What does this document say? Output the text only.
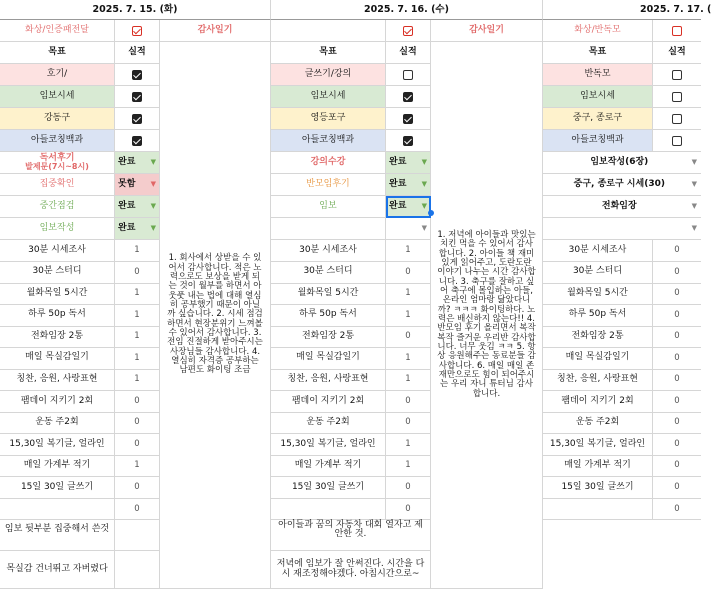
2025. 7. 15. (화)
화상/인증패전달	감사일기
목표	실적
호기/
임보시세
강동구
아들코칭백과
독서후기
발제문(7시~8시)	완료 ▼
집중확인	못함 ▼
중간점검	완료 ▼
임보작성	완료 ▼
30분 시세조사	1
30분 스터디	0
월화목일 5시간	1
하루 50p 독서	1
전화임장 2통	1
매일 목실감일기	1
칭찬, 응원, 사랑표현	1
팸데이 지키기 2회	0
운동 주2회	0
15,30일 복기글, 얼라인	0
매일 가계부 적기	1
15일 30일 글쓰기	0
0
임보 뒷부분 집중해서 쓴것
목실감 건너뛰고 자버렸다
1. 회사에서 상받을 수 있어서 감사합니다. 적은 노력으로도 보상을 받게 되는 것이 월부를 하면서 아웃풋 내는 법에 대해 열심히 공부했기 때문이 아닐까 싶습니다. 2. 시세 점검하면서 현장분위기 느껴볼수 있어서 감사합니다. 3. 전임 진절하게 받아주시는 사장님들 감사합니다. 4. 열심히 자격증 공부하는 남편도 화이팅 조금
2025. 7. 16. (수)
감사일기
목표	실적
글쓰기/강의
임보시세
영등포구
아들코칭백과
강의수강	완료 ▼
반모임후기	완료 ▼
임보	완료 ▼
▼
30분 시세조사	1
30분 스터디	0
월화목일 5시간	1
하루 50p 독서	1
전화임장 2통	0
매일 목실감일기	1
칭찬, 응원, 사랑표현	1
팸데이 지키기 2회	0
운동 주2회	0
15,30일 복기글, 얼라인	1
매일 가계부 적기	1
15일 30일 글쓰기	0
0
아이들과 꿈의 자동차 대회 열자고 제안한 것.
저녁에 임보가 잘 안써진다. 시간을 다시 재조정해야겠다. 아침시간으로~
1. 저녁에 아이들과 맛있는 치킨 먹을 수 있어서 감사합니다. 2. 아이들 책 재미있게 읽어주고, 도란도란 이야기 나누는 시간 감사합니다. 3. 축구를 잘하고 싶어 축구에 몰입하는 아들, 온라인 엄마랑 닮았다니까? ㅋㅋㅋ 화이팅하다. 노력은 배신하지 않는다!! 4. 반모임 후기 올리면서 복작복작 즐거운 우리반 감사합니다. 너무 웃김 ㅋㅋ 5. 항상 응원해주는 동료분들 감사합니다. 6. 매일 매일 존재만으로도 힘이 되어주시는 우리 자니 튜터님 감사합니다.
2025. 7. 17. (
화상/반독모
목표	실적
반독모
임보시세
중구, 종로구
아들코칭백과
임보작성(6장)	▼
중구, 종로구 시세(30)	▼
전화임장	▼
▼
30분 시세조사	0
30분 스터디	0
월화목일 5시간	0
하루 50p 독서	0
전화임장 2통	0
매일 목실감일기	0
칭찬, 응원, 사랑표현	0
팸데이 지키기 2회	0
운동 주2회	0
15,30일 복기글, 얼라인	0
매일 가계부 적기	0
15일 30일 글쓰기	0
0
